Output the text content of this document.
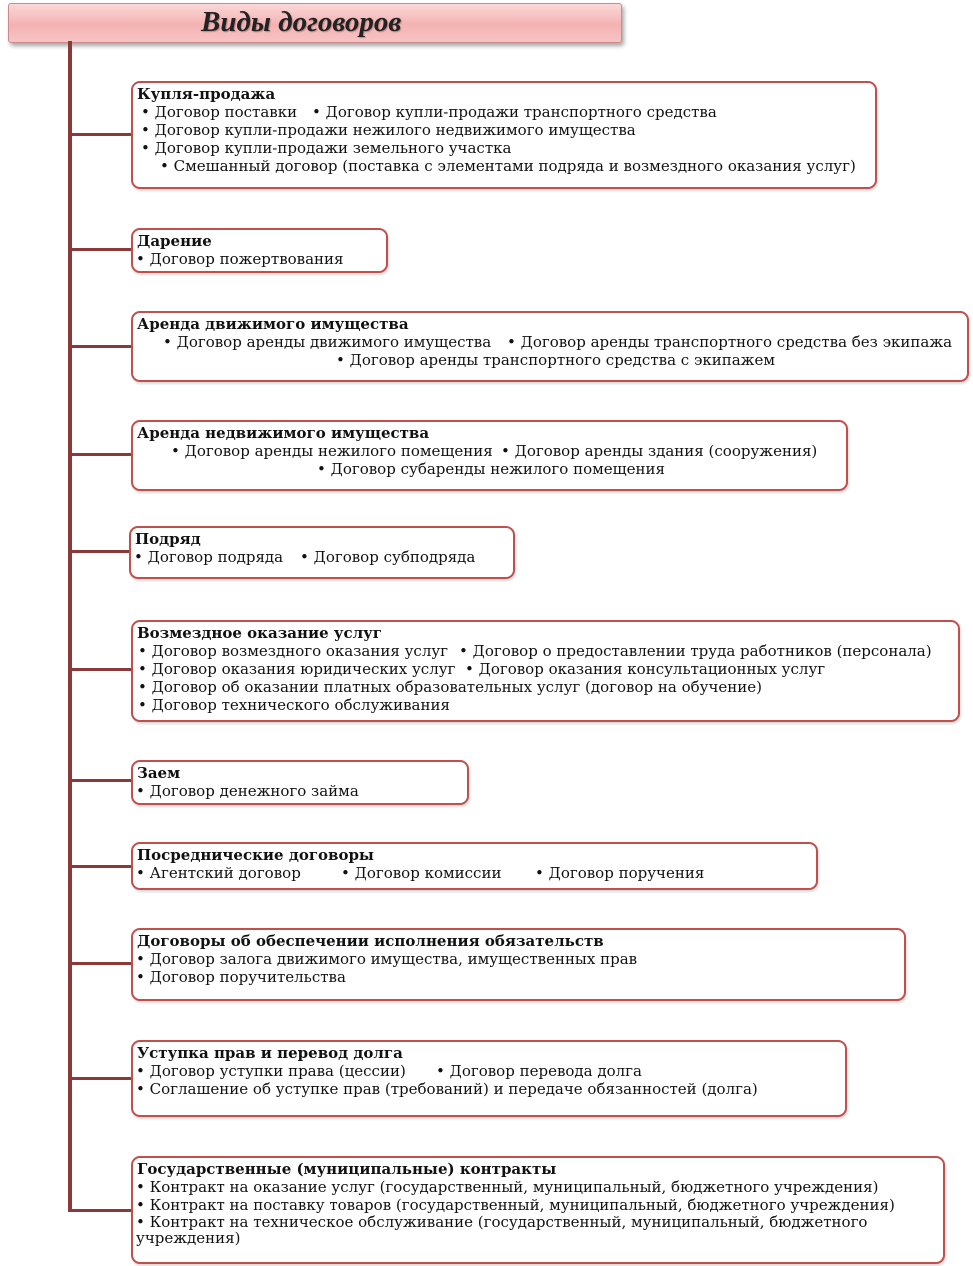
Виды договоров
Купля-продажа
• Договор поставки	• Договор купли-продажи транспортного средства
• Договор купли-продажи нежилого недвижимого имущества
• Договор купли-продажи земельного участка
• Смешанный договор (поставка с элементами подряда и возмездного оказания услуг)
Дарение
• Договор пожертвования
Аренда движимого имущества
• Договор аренды движимого имущества	• Договор аренды транспортного средства без экипажа
• Договор аренды транспортного средства с экипажем
Аренда недвижимого имущества
• Договор аренды нежилого помещения	• Договор аренды здания (сооружения)
• Договор субаренды нежилого помещения
Подряд
• Договор подряда	• Договор субподряда
Возмездное оказание услуг
• Договор возмездного оказания услуг	• Договор о предоставлении труда работников (персонала)
• Договор оказания юридических услуг	• Договор оказания консультационных услуг
• Договор об оказании платных образовательных услуг (договор на обучение)
• Договор технического обслуживания
Заем
• Договор денежного займа
Посреднические договоры
• Агентский договор	• Договор комиссии	• Договор поручения
Договоры об обеспечении исполнения обязательств
• Договор залога движимого имущества, имущественных прав
• Договор поручительства
Уступка прав и перевод долга
• Договор уступки права (цессии)	• Договор перевода долга
• Соглашение об уступке прав (требований) и передаче обязанностей (долга)
Государственные (муниципальные) контракты
• Контракт на оказание услуг (государственный, муниципальный, бюджетного учреждения)
• Контракт на поставку товаров (государственный, муниципальный, бюджетного учреждения)
• Контракт на техническое обслуживание (государственный, муниципальный, бюджетного учреждения)
